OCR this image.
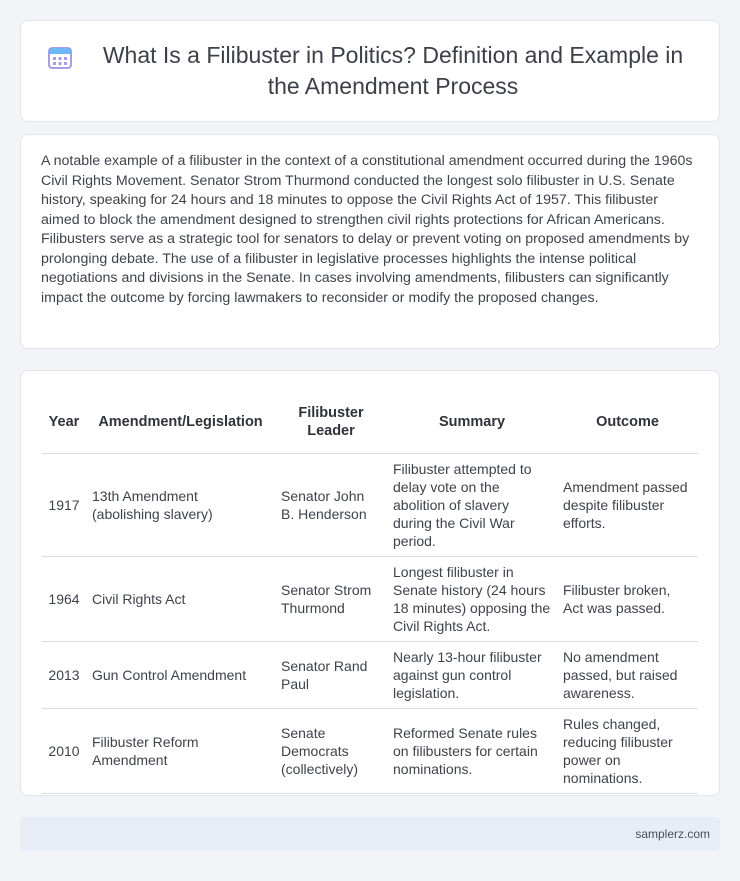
What Is a Filibuster in Politics? Definition and Example in the Amendment Process

A notable example of a filibuster in the context of a constitutional amendment occurred during the 1960s Civil Rights Movement. Senator Strom Thurmond conducted the longest solo filibuster in U.S. Senate history, speaking for 24 hours and 18 minutes to oppose the Civil Rights Act of 1957. This filibuster aimed to block the amendment designed to strengthen civil rights protections for African Americans. Filibusters serve as a strategic tool for senators to delay or prevent voting on proposed amendments by prolonging debate. The use of a filibuster in legislative processes highlights the intense political negotiations and divisions in the Senate. In cases involving amendments, filibusters can significantly impact the outcome by forcing lawmakers to reconsider or modify the proposed changes.

Year	Amendment/Legislation	Filibuster Leader	Summary	Outcome
1917	13th Amendment (abolishing slavery)	Senator John B. Henderson	Filibuster attempted to delay vote on the abolition of slavery during the Civil War period.	Amendment passed despite filibuster efforts.
1964	Civil Rights Act	Senator Strom Thurmond	Longest filibuster in Senate history (24 hours 18 minutes) opposing the Civil Rights Act.	Filibuster broken, Act was passed.
2013	Gun Control Amendment	Senator Rand Paul	Nearly 13-hour filibuster against gun control legislation.	No amendment passed, but raised awareness.
2010	Filibuster Reform Amendment	Senate Democrats (collectively)	Reformed Senate rules on filibusters for certain nominations.	Rules changed, reducing filibuster power on nominations.
samplerz.com
